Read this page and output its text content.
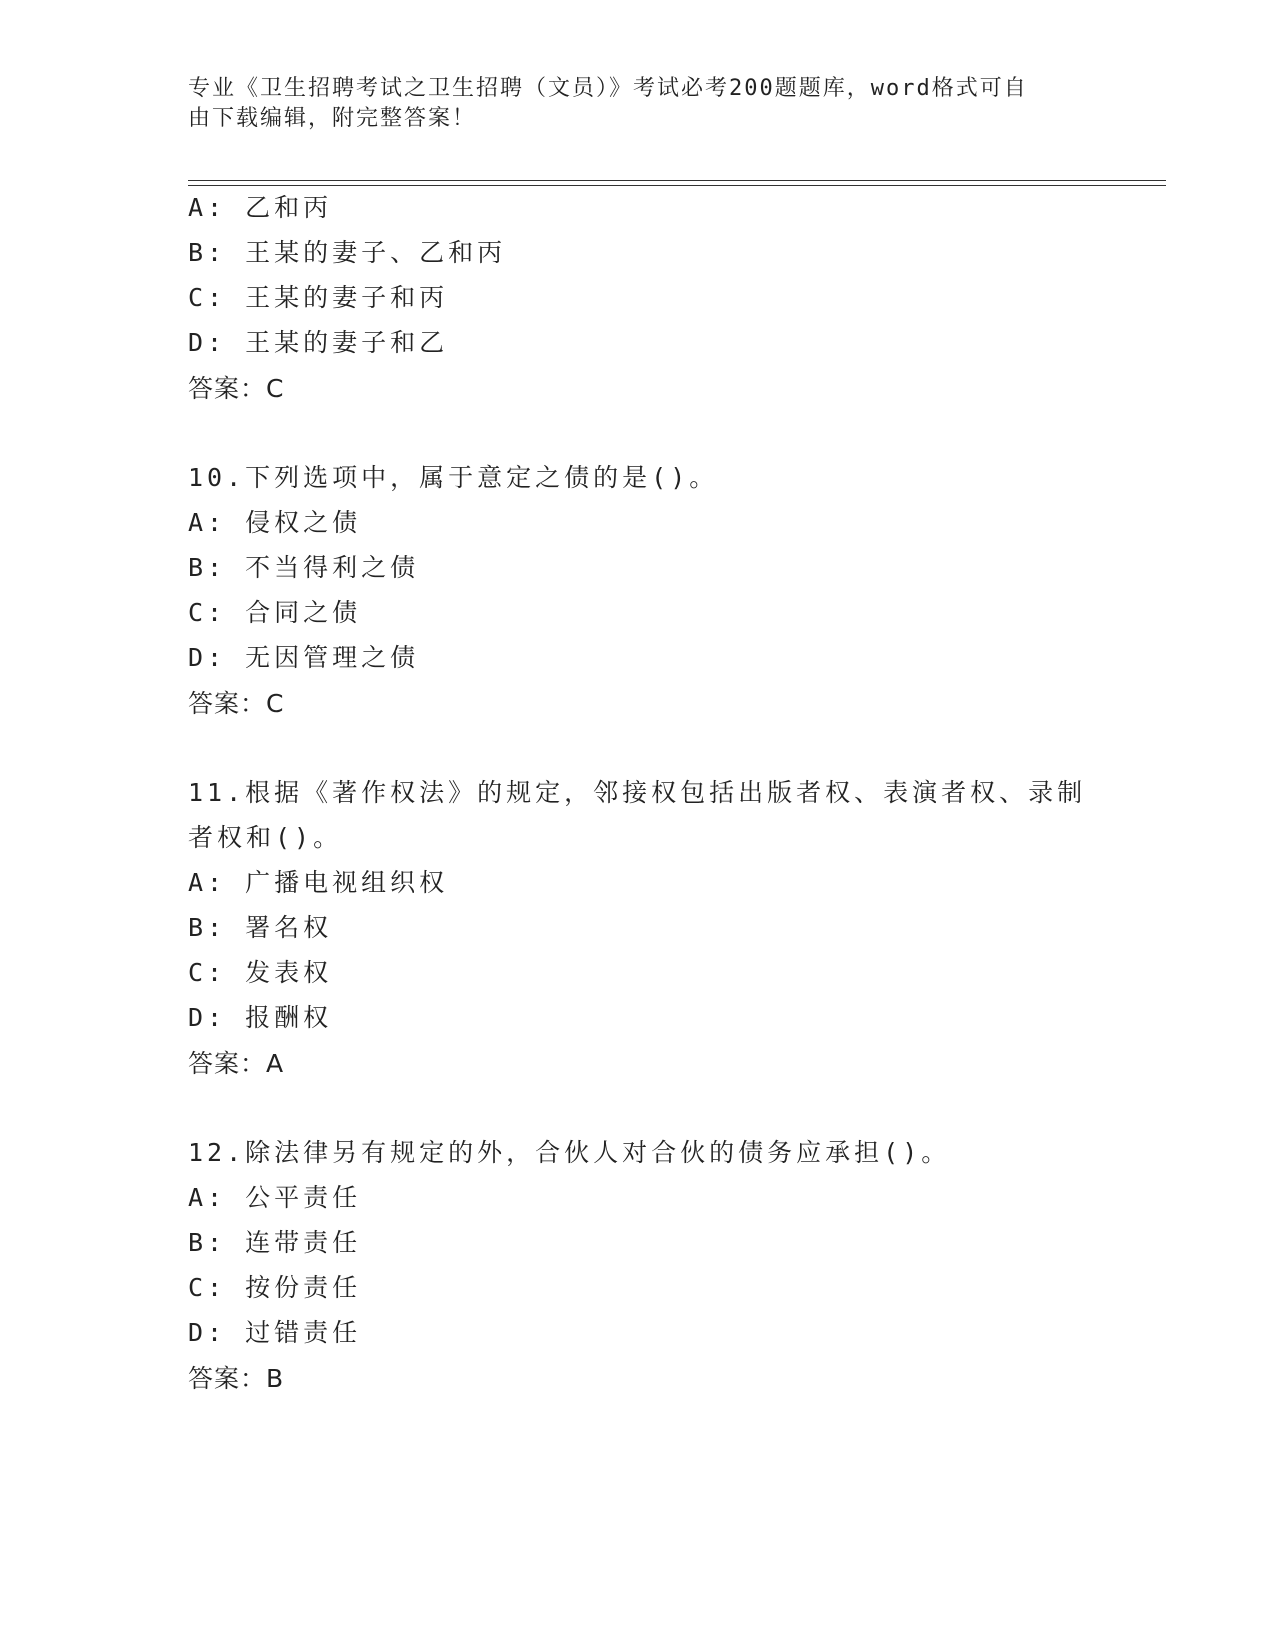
专业《卫生招聘考试之卫生招聘（文员）》考试必考200题题库，word格式可自
由下载编辑，附完整答案！
A: 乙和丙
B: 王某的妻子、乙和丙
C: 王某的妻子和丙
D: 王某的妻子和乙
答案：C
10.下列选项中，属于意定之债的是()。
A: 侵权之债
B: 不当得利之债
C: 合同之债
D: 无因管理之债
答案：C
11.根据《著作权法》的规定，邻接权包括出版者权、表演者权、录制
者权和()。
A: 广播电视组织权
B: 署名权
C: 发表权
D: 报酬权
答案：A
12.除法律另有规定的外，合伙人对合伙的债务应承担()。
A: 公平责任
B: 连带责任
C: 按份责任
D: 过错责任
答案：B
